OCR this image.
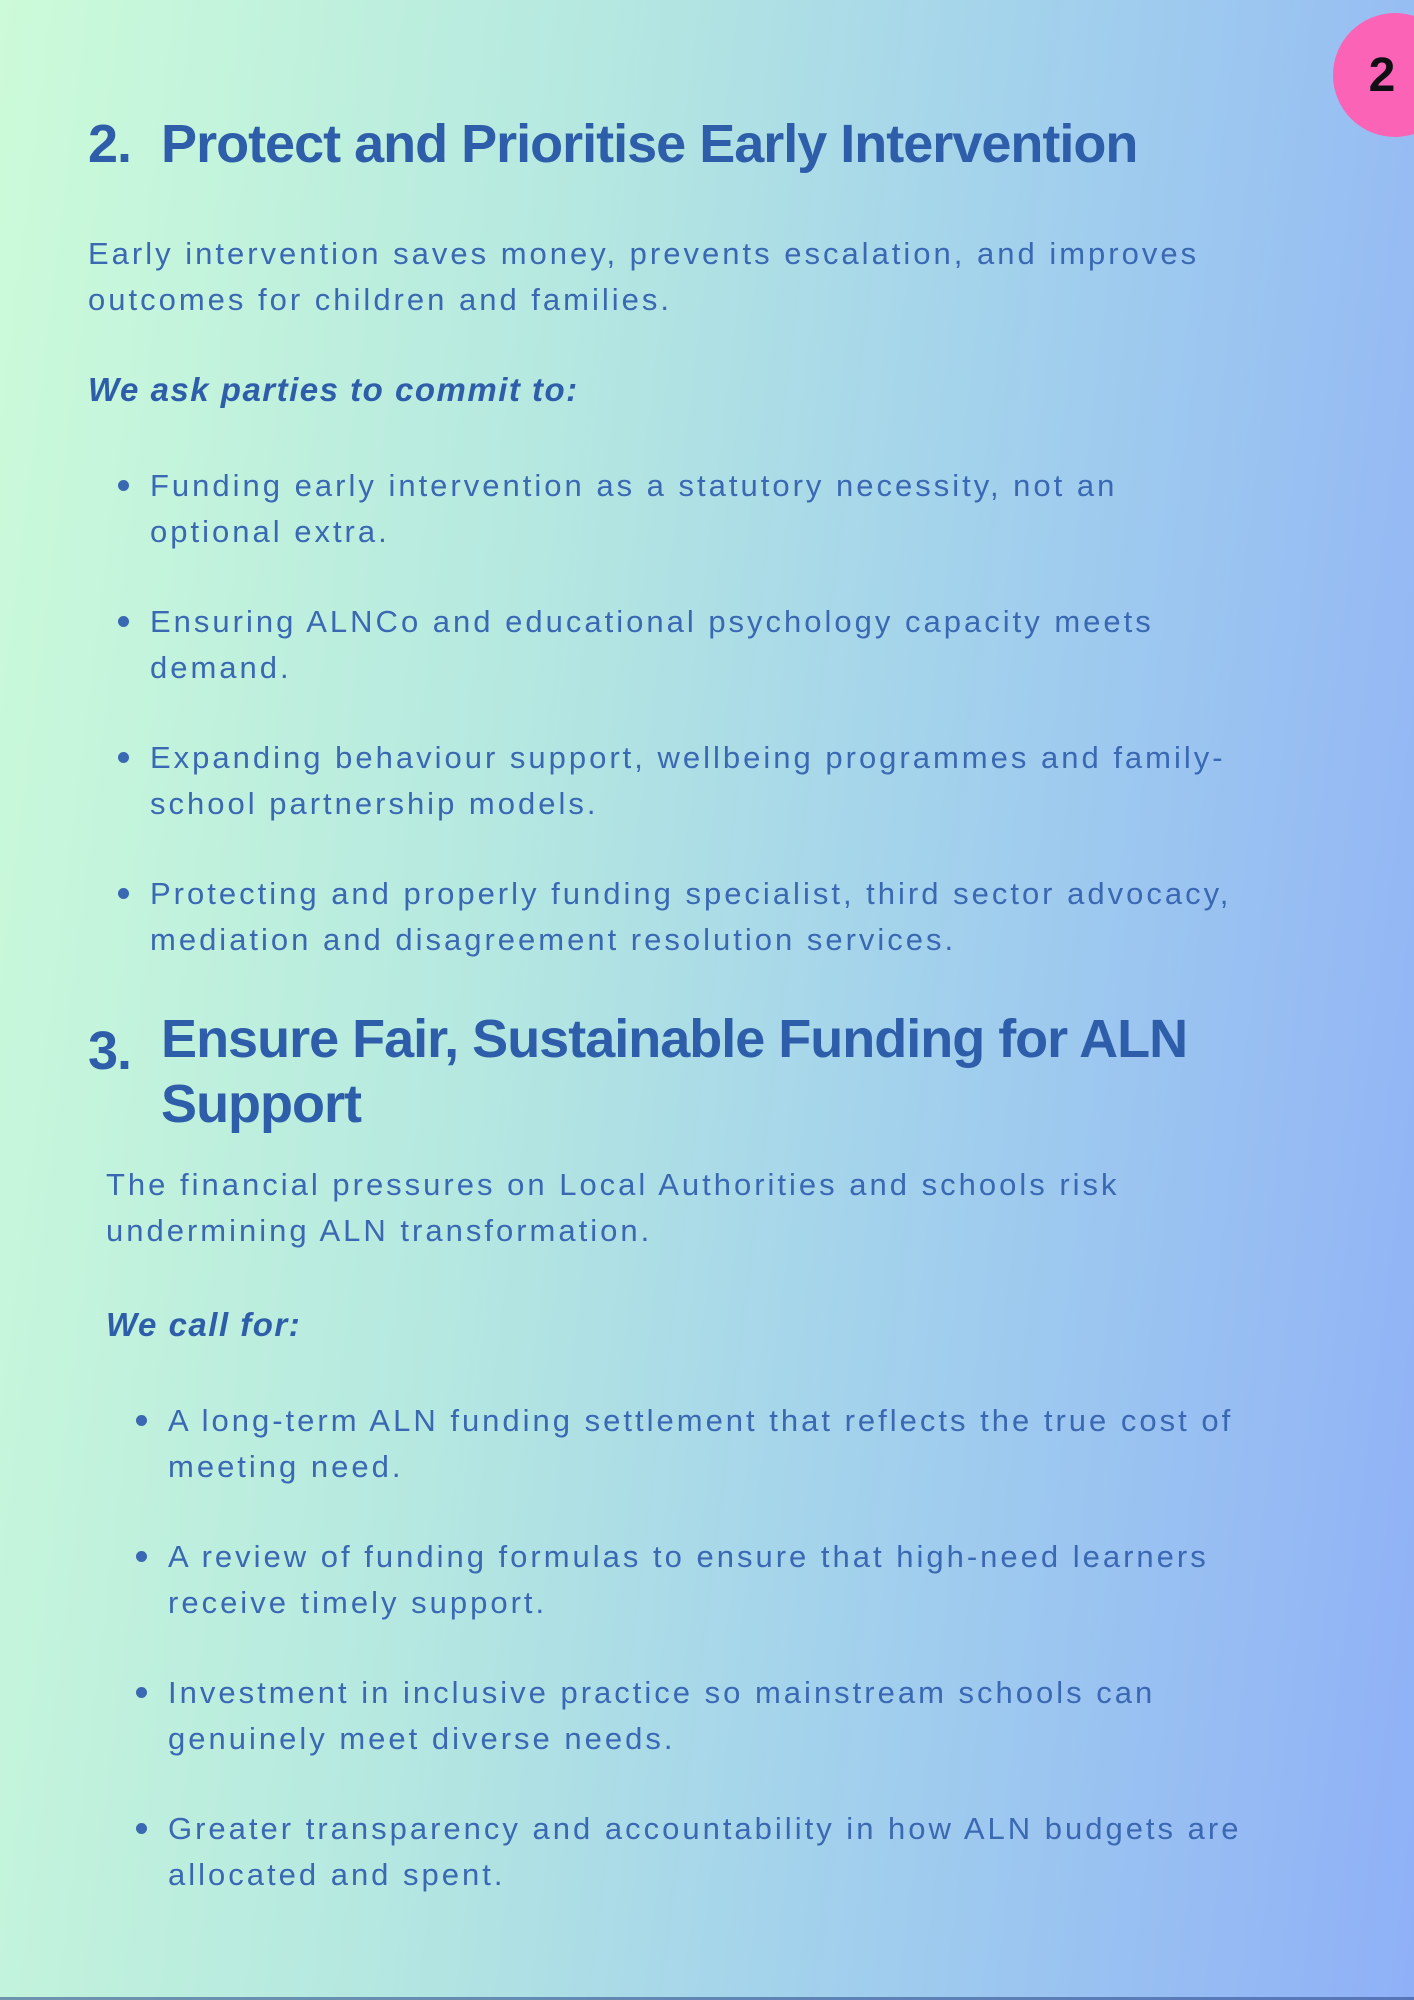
2
2. Protect and Prioritise Early Intervention

Early intervention saves money, prevents escalation, and improves outcomes for children and families.

We ask parties to commit to:

Funding early intervention as a statutory necessity, not an optional extra.
Ensuring ALNCo and educational psychology capacity meets demand.
Expanding behaviour support, wellbeing programmes and family-school partnership models.
Protecting and properly funding specialist, third sector advocacy, mediation and disagreement resolution services.
3. Ensure Fair, Sustainable Funding for ALN Support

The financial pressures on Local Authorities and schools risk undermining ALN transformation.

We call for:

A long-term ALN funding settlement that reflects the true cost of meeting need.
A review of funding formulas to ensure that high-need learners receive timely support.
Investment in inclusive practice so mainstream schools can genuinely meet diverse needs.
Greater transparency and accountability in how ALN budgets are allocated and spent.
